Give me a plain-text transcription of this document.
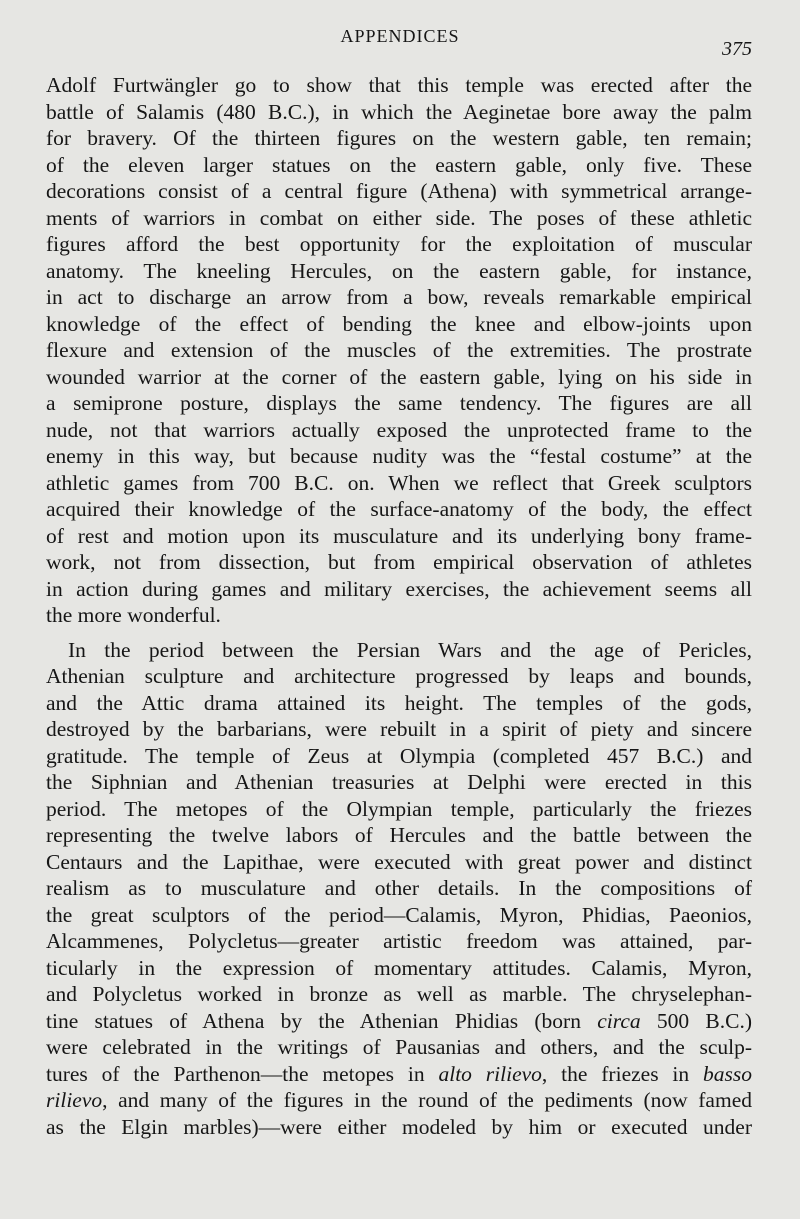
APPENDICES
375

Adolf Furtwängler go to show that this temple was erected after the
battle of Salamis (480 B.C.), in which the Aeginetae bore away the palm
for bravery. Of the thirteen figures on the western gable, ten remain;
of the eleven larger statues on the eastern gable, only five. These
decorations consist of a central figure (Athena) with symmetrical arrange-
ments of warriors in combat on either side. The poses of these athletic
figures afford the best opportunity for the exploitation of muscular
anatomy. The kneeling Hercules, on the eastern gable, for instance,
in act to discharge an arrow from a bow, reveals remarkable empirical
knowledge of the effect of bending the knee and elbow-joints upon
flexure and extension of the muscles of the extremities. The prostrate
wounded warrior at the corner of the eastern gable, lying on his side in
a semiprone posture, displays the same tendency. The figures are all
nude, not that warriors actually exposed the unprotected frame to the
enemy in this way, but because nudity was the “festal costume” at the
athletic games from 700 B.C. on. When we reflect that Greek sculptors
acquired their knowledge of the surface-anatomy of the body, the effect
of rest and motion upon its musculature and its underlying bony frame-
work, not from dissection, but from empirical observation of athletes
in action during games and military exercises, the achievement seems all
the more wonderful.

In the period between the Persian Wars and the age of Pericles,
Athenian sculpture and architecture progressed by leaps and bounds,
and the Attic drama attained its height. The temples of the gods,
destroyed by the barbarians, were rebuilt in a spirit of piety and sincere
gratitude. The temple of Zeus at Olympia (completed 457 B.C.) and
the Siphnian and Athenian treasuries at Delphi were erected in this
period. The metopes of the Olympian temple, particularly the friezes
representing the twelve labors of Hercules and the battle between the
Centaurs and the Lapithae, were executed with great power and distinct
realism as to musculature and other details. In the compositions of
the great sculptors of the period—Calamis, Myron, Phidias, Paeonios,
Alcammenes, Polycletus—greater artistic freedom was attained, par-
ticularly in the expression of momentary attitudes. Calamis, Myron,
and Polycletus worked in bronze as well as marble. The chryselephan-
tine statues of Athena by the Athenian Phidias (born circa 500 B.C.)
were celebrated in the writings of Pausanias and others, and the sculp-
tures of the Parthenon—the metopes in alto rilievo, the friezes in basso
rilievo, and many of the figures in the round of the pediments (now famed
as the Elgin marbles)—were either modeled by him or executed under
